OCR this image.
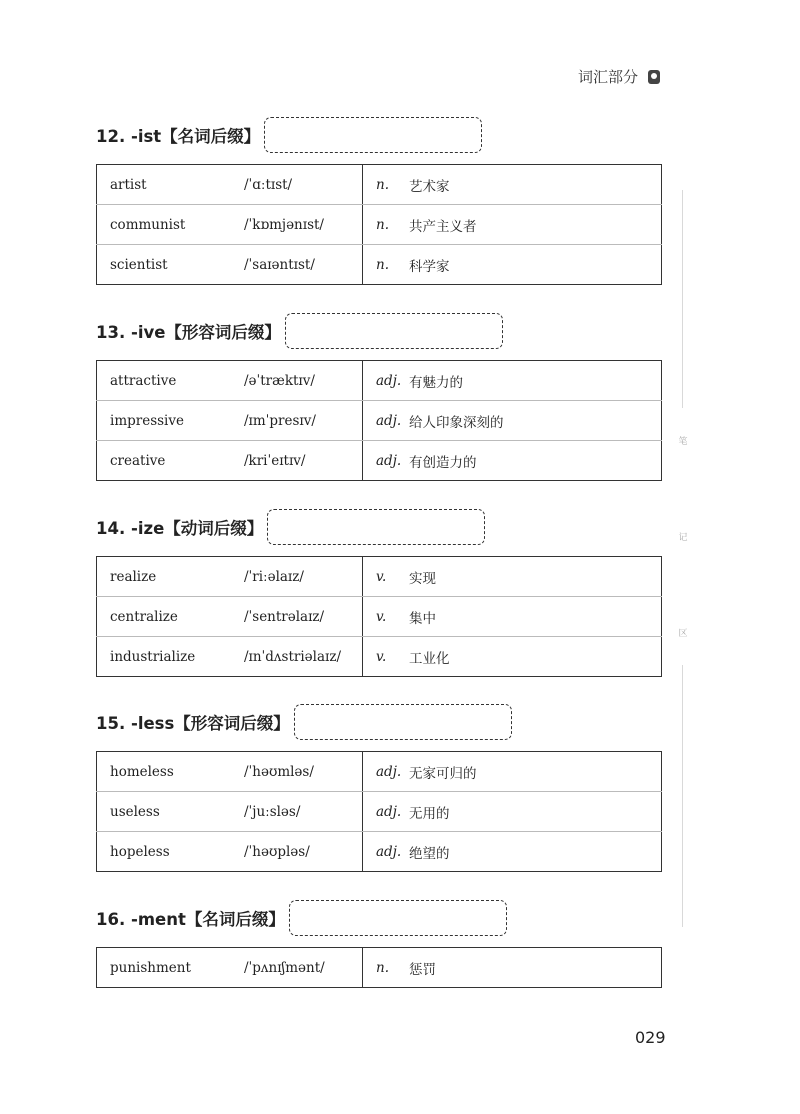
词汇部分
笔
记
区
12. -ist【名词后缀】
artist	/ˈɑːtɪst/	n.	艺术家
communist	/ˈkɒmjənɪst/	n.	共产主义者
scientist	/ˈsaɪəntɪst/	n.	科学家
13. -ive【形容词后缀】
attractive	/əˈtræktɪv/	adj.	有魅力的
impressive	/ɪmˈpresɪv/	adj.	给人印象深刻的
creative	/kriˈeɪtɪv/	adj.	有创造力的
14. -ize【动词后缀】
realize	/ˈriːəlaɪz/	v.	实现
centralize	/ˈsentrəlaɪz/	v.	集中
industrialize	/ɪnˈdʌstriəlaɪz/	v.	工业化
15. -less【形容词后缀】
homeless	/ˈhəʊmləs/	adj.	无家可归的
useless	/ˈjuːsləs/	adj.	无用的
hopeless	/ˈhəʊpləs/	adj.	绝望的
16. -ment【名词后缀】
punishment	/ˈpʌnɪʃmənt/	n.	惩罚
029
